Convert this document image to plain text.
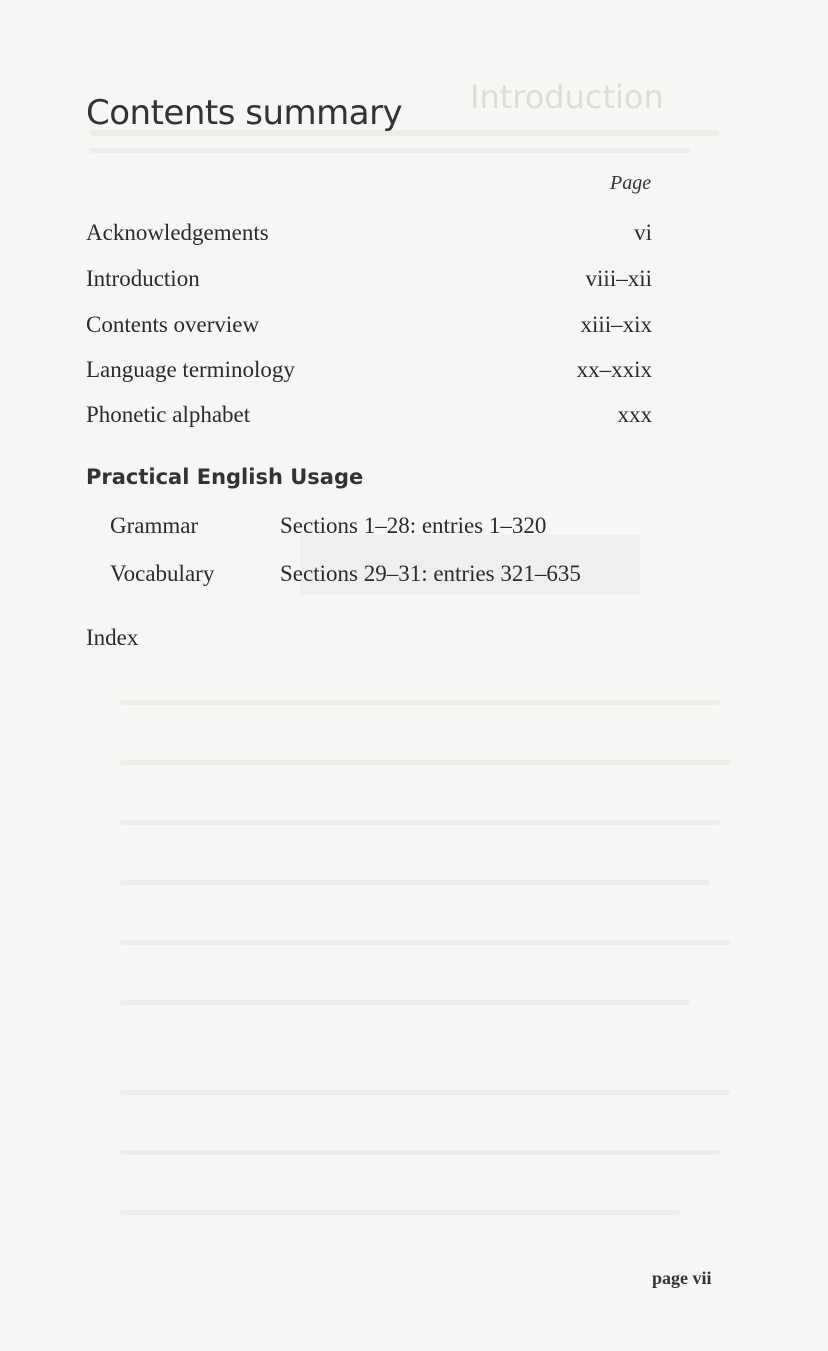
Introduction
Contents summary
Page
Acknowledgements	vi
Introduction	viii–xii
Contents overview	xiii–xix
Language terminology	xx–xxix
Phonetic alphabet	xxx
Practical English Usage
Grammar	Sections 1–28: entries 1–320
Vocabulary	Sections 29–31: entries 321–635
Index
page vii
